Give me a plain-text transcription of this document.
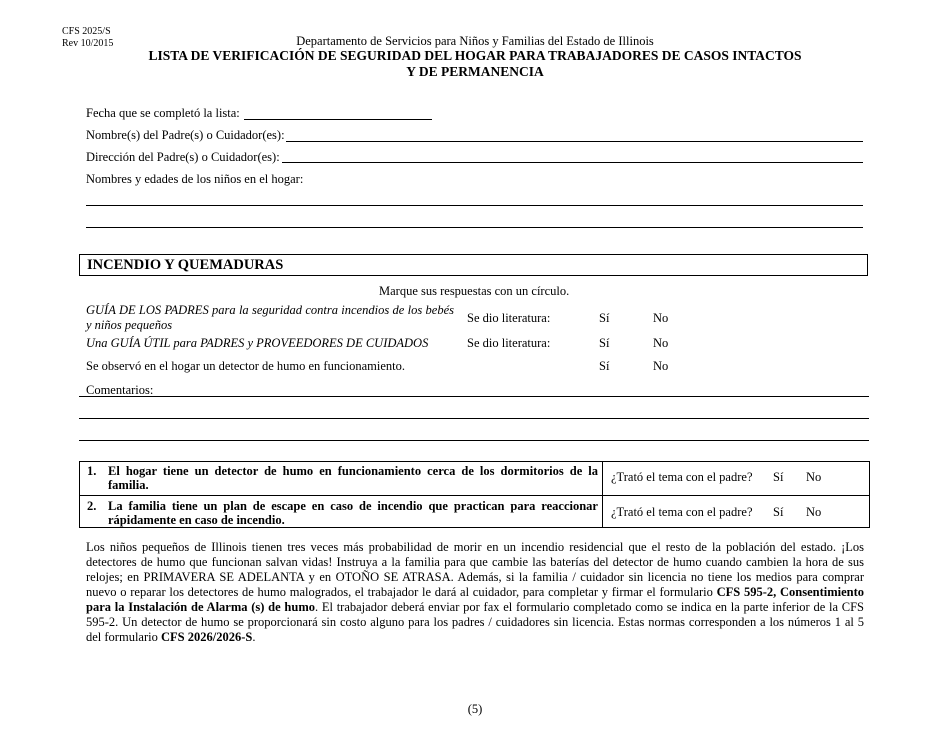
CFS 2025/S
Rev 10/2015	Departamento de Servicios para Niños y Familias del Estado de Illinois
LISTA DE VERIFICACIÓN DE SEGURIDAD DEL HOGAR PARA TRABAJADORES DE CASOS INTACTOS
Y DE PERMANENCIA
Fecha que se completó la lista:
Nombre(s) del Padre(s) o Cuidador(es):
Dirección del Padre(s) o Cuidador(es):
Nombres y edades de los niños en el hogar:
INCENDIO Y QUEMADURAS
Marque sus respuestas con un círculo.
GUÍA DE LOS PADRES para la seguridad contra incendios de los bebés y niños pequeños	Se dio literatura:	Sí	No
Una GUÍA ÚTIL para PADRES y PROVEEDORES DE CUIDADOS	Se dio literatura:	Sí	No
Se observó en el hogar un detector de humo en funcionamiento.	Sí	No
Comentarios:
1. El hogar tiene un detector de humo en funcionamiento cerca de los dormitorios de la familia.
¿Trató el tema con el padre? Sí No
2. La familia tiene un plan de escape en caso de incendio que practican para reaccionar rápidamente en caso de incendio.
¿Trató el tema con el padre? Sí No
Los niños pequeños de Illinois tienen tres veces más probabilidad de morir en un incendio residencial que el resto de la población del estado. ¡Los detectores de humo que funcionan salvan vidas! Instruya a la familia para que cambie las baterías del detector de humo cuando cambien la hora de sus relojes; en PRIMAVERA SE ADELANTA y en OTOÑO SE ATRASA. Además, si la familia / cuidador sin licencia no tiene los medios para comprar nuevo o reparar los detectores de humo malogrados, el trabajador le dará al cuidador, para completar y firmar el formulario CFS 595-2, Consentimiento para la Instalación de Alarma (s) de humo. El trabajador deberá enviar por fax el formulario completado como se indica en la parte inferior de la CFS 595-2. Un detector de humo se proporcionará sin costo alguno para los padres / cuidadores sin licencia. Estas normas corresponden a los números 1 al 5 del formulario CFS 2026/2026-S.
(5)
